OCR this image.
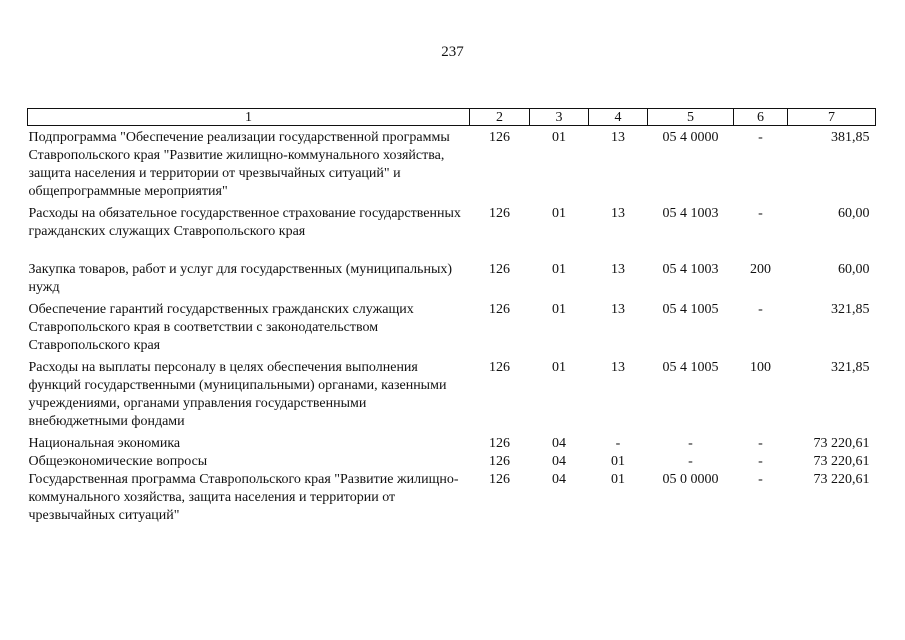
237
1	2	3	4	5	6	7
Подпрограмма "Обеспечение реализации государственной программы Ставропольского края "Развитие жилищно-коммунального хозяйства, защита населения и территории от чрезвычайных ситуаций" и общепрограммные мероприятия"	126	01	13	05 4 0000	-	381,85
Расходы на обязательное государственное страхование государственных гражданских служащих Ставропольского края	126	01	13	05 4 1003	-	60,00
Закупка товаров, работ и услуг для государственных (муниципальных) нужд	126	01	13	05 4 1003	200	60,00
Обеспечение гарантий государственных гражданских служащих Ставропольского края в соответствии с законодательством Ставропольского края	126	01	13	05 4 1005	-	321,85
Расходы на выплаты персоналу в целях обеспечения выполнения функций государственными (муниципальными) органами, казенными учреждениями, органами управления государственными внебюджетными фондами	126	01	13	05 4 1005	100	321,85
Национальная экономика	126	04	-	-	-	73 220,61
Общеэкономические вопросы	126	04	01	-	-	73 220,61
Государственная программа Ставропольского края "Развитие жилищно-коммунального хозяйства, защита населения и территории от чрезвычайных ситуаций"	126	04	01	05 0 0000	-	73 220,61
